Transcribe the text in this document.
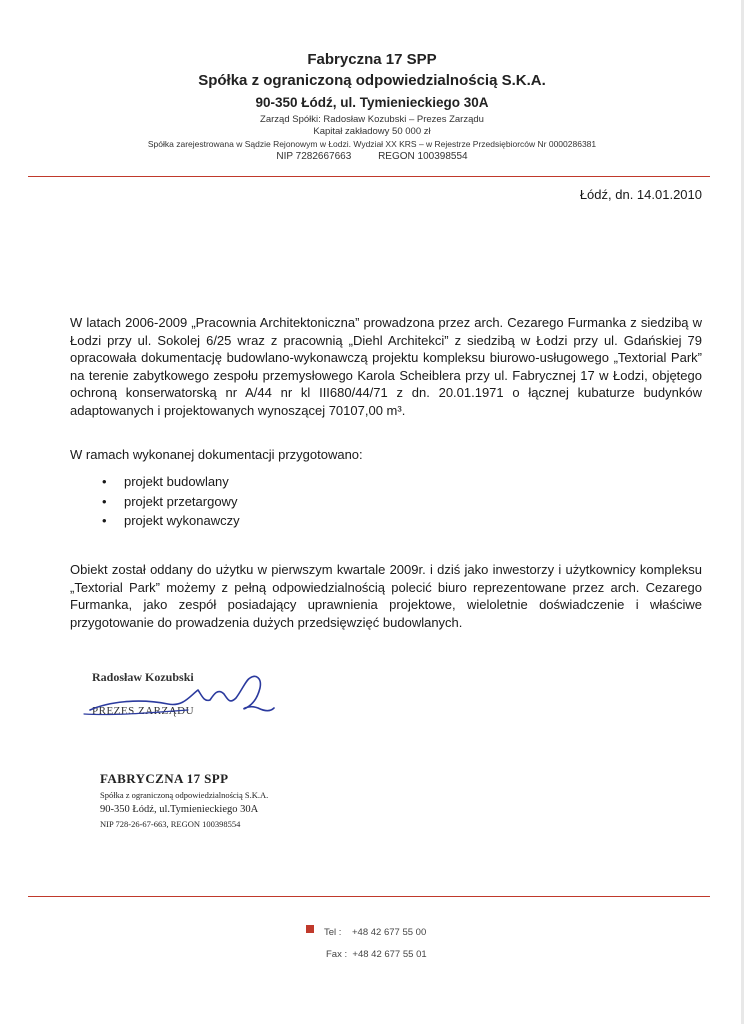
Fabryczna 17 SPP
Spółka z ograniczoną odpowiedzialnością S.K.A.
90-350 Łódź, ul. Tymienieckiego 30A
Zarząd Spółki: Radosław Kozubski – Prezes Zarządu
Kapitał zakładowy 50 000 zł
Spółka zarejestrowana w Sądzie Rejonowym w Łodzi. Wydział XX KRS – w Rejestrze Przedsiębiorców Nr 0000286381
NIP 7282667663	REGON 100398554
Łódź, dn. 14.01.2010
W latach 2006-2009 „Pracownia Architektoniczna” prowadzona przez arch. Cezarego Furmanka z siedzibą w Łodzi przy ul. Sokolej 6/25 wraz z pracownią „Diehl Architekci” z siedzibą w Łodzi przy ul. Gdańskiej 79 opracowała dokumentację budowlano-wykonawczą projektu kompleksu biurowo-usługowego „Textorial Park” na terenie zabytkowego zespołu przemysłowego Karola Scheiblera przy ul. Fabrycznej 17 w Łodzi, objętego ochroną konserwatorską nr A/44 nr kl III680/44/71 z dn. 20.01.1971 o łącznej kubaturze budynków adaptowanych i projektowanych wynoszącej 70107,00 m³.
W ramach wykonanej dokumentacji przygotowano:
• projekt budowlany
• projekt przetargowy
• projekt wykonawczy
Obiekt został oddany do użytku w pierwszym kwartale 2009r. i dziś jako inwestorzy i użytkownicy kompleksu „Textorial Park” możemy z pełną odpowiedzialnością polecić biuro reprezentowane przez arch. Cezarego Furmanka, jako zespół posiadający uprawnienia projektowe, wieloletnie doświadczenie i właściwe przygotowanie do prowadzenia dużych przedsięwzięć budowlanych.
Radosław Kozubski
PREZES ZARZĄDU
FABRYCZNA 17 SPP
Spółka z ograniczoną odpowiedzialnością S.K.A.
90-350 Łódź, ul.Tymienieckiego 30A
NIP 728-26-67-663, REGON 100398554
Tel : +48 42 677 55 00
Fax : +48 42 677 55 01
